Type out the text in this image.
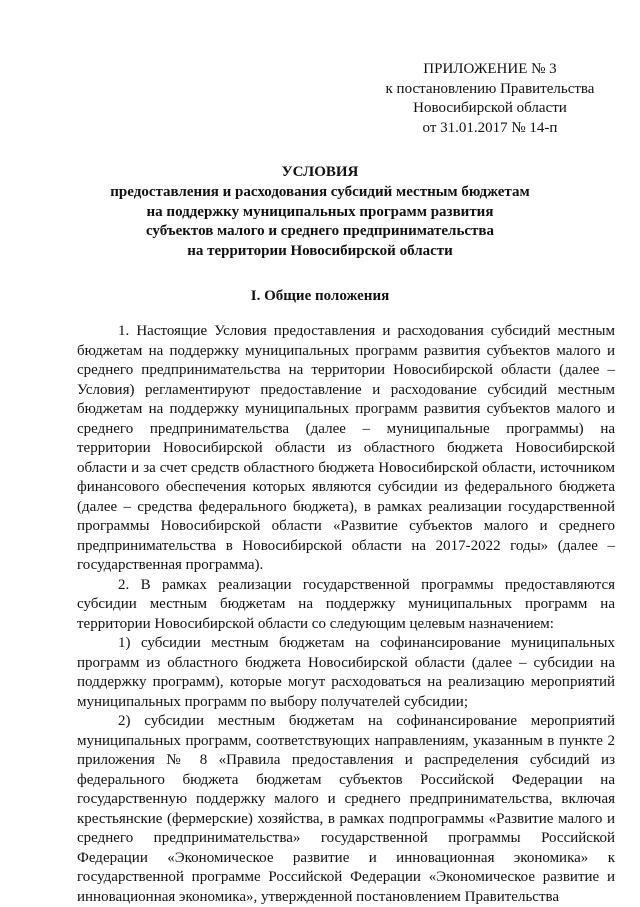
ПРИЛОЖЕНИЕ № 3
к постановлению Правительства
Новосибирской области
от 31.01.2017 № 14-п
УСЛОВИЯ
предоставления и расходования субсидий местным бюджетам
на поддержку муниципальных программ развития
субъектов малого и среднего предпринимательства
на территории Новосибирской области
I. Общие положения

1. Настоящие Условия предоставления и расходования субсидий местным бюджетам на поддержку муниципальных программ развития субъектов малого и среднего предпринимательства на территории Новосибирской области (далее – Условия) регламентируют предоставление и расходование субсидий местным бюджетам на поддержку муниципальных программ развития субъектов малого и среднего предпринимательства (далее – муниципальные программы) на территории Новосибирской области из областного бюджета Новосибирской области и за счет средств областного бюджета Новосибирской области, источником финансового обеспечения которых являются субсидии из федерального бюджета (далее – средства федерального бюджета), в рамках реализации государственной программы Новосибирской области «Развитие субъектов малого и среднего предпринимательства в Новосибирской области на 2017-2022 годы» (далее – государственная программа).

2. В рамках реализации государственной программы предоставляются субсидии местным бюджетам на поддержку муниципальных программ на территории Новосибирской области со следующим целевым назначением:

1) субсидии местным бюджетам на софинансирование муниципальных программ из областного бюджета Новосибирской области (далее – субсидии на поддержку программ), которые могут расходоваться на реализацию мероприятий муниципальных программ по выбору получателей субсидии;

2) субсидии местным бюджетам на софинансирование мероприятий муниципальных программ, соответствующих направлениям, указанным в пункте 2 приложения № 8 «Правила предоставления и распределения субсидий из федерального бюджета бюджетам субъектов Российской Федерации на государственную поддержку малого и среднего предпринимательства, включая крестьянские (фермерские) хозяйства, в рамках подпрограммы «Развитие малого и среднего предпринимательства» государственной программы Российской Федерации «Экономическое развитие и инновационная экономика» к государственной программе Российской Федерации «Экономическое развитие и инновационная экономика», утвержденной постановлением Правительства
